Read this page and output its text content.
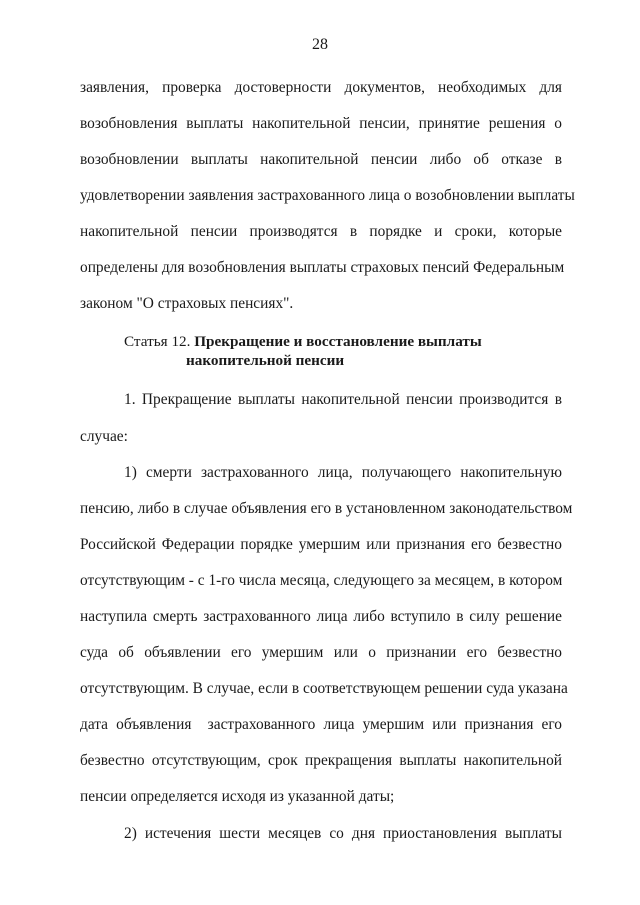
28
заявления, проверка достоверности документов, необходимых для
возобновления выплаты накопительной пенсии, принятие решения о
возобновлении выплаты накопительной пенсии либо об отказе в
удовлетворении заявления застрахованного лица о возобновлении выплаты
накопительной пенсии производятся в порядке и сроки, которые
определены для возобновления выплаты страховых пенсий Федеральным
законом "О страховых пенсиях".
Статья 12. Прекращение и восстановление выплаты
накопительной пенсии
1. Прекращение выплаты накопительной пенсии производится в
случае:
1) смерти застрахованного лица, получающего накопительную
пенсию, либо в случае объявления его в установленном законодательством
Российской Федерации порядке умершим или признания его безвестно
отсутствующим - с 1-го числа месяца, следующего за месяцем, в котором
наступила смерть застрахованного лица либо вступило в силу решение
суда об объявлении его умершим или о признании его безвестно
отсутствующим. В случае, если в соответствующем решении суда указана
дата объявления  застрахованного лица умершим или признания его
безвестно отсутствующим, срок прекращения выплаты накопительной
пенсии определяется исходя из указанной даты;
2) истечения шести месяцев со дня приостановления выплаты
